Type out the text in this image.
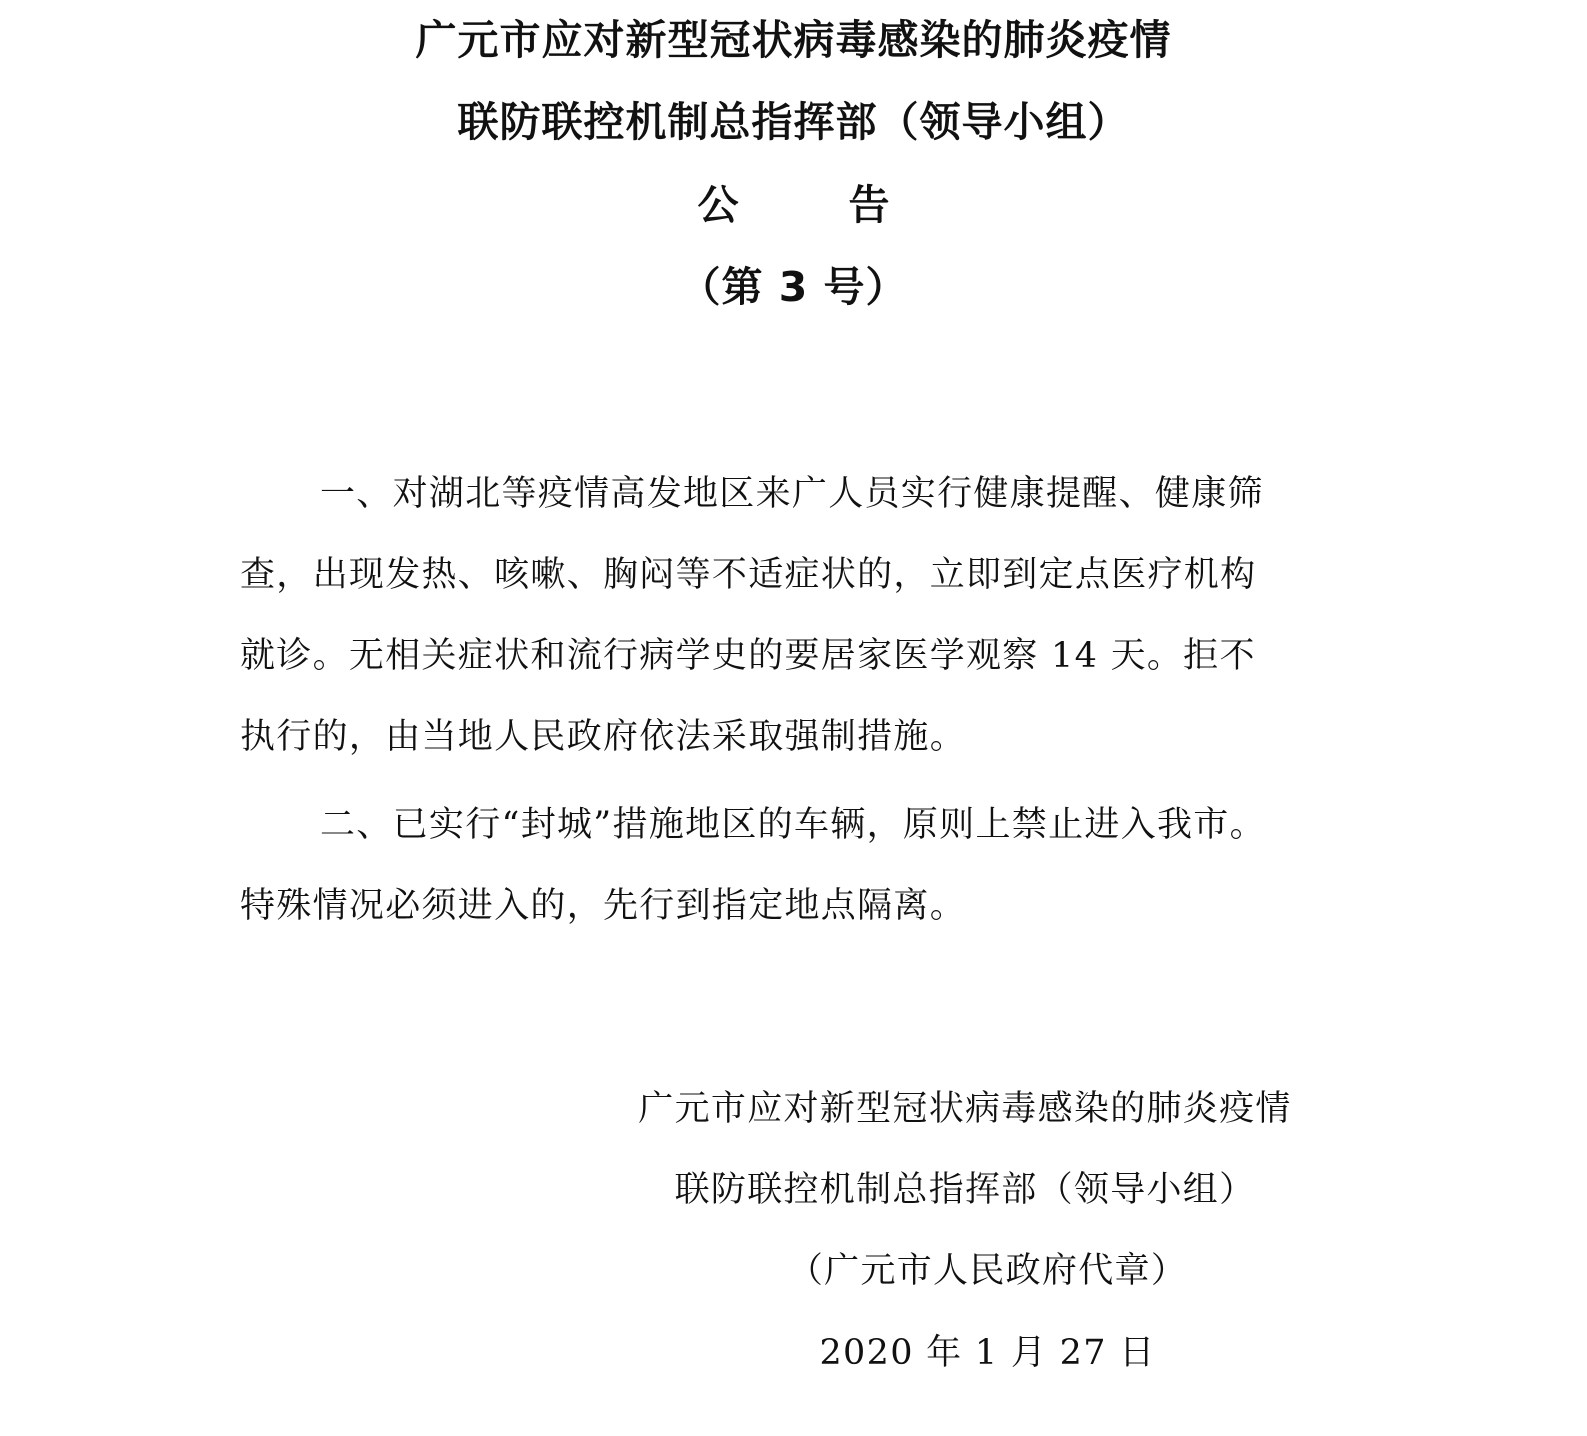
广元市应对新型冠状病毒感染的肺炎疫情
联防联控机制总指挥部（领导小组）
公	告
（第 3 号）
一、对湖北等疫情高发地区来广人员实行健康提醒、健康筛
查，出现发热、咳嗽、胸闷等不适症状的，立即到定点医疗机构
就诊。无相关症状和流行病学史的要居家医学观察 14 天。拒不
执行的，由当地人民政府依法采取强制措施。
二、已实行“封城”措施地区的车辆，原则上禁止进入我市。
特殊情况必须进入的，先行到指定地点隔离。
广元市应对新型冠状病毒感染的肺炎疫情
联防联控机制总指挥部（领导小组）
（广元市人民政府代章）
2020 年 1 月 27 日
